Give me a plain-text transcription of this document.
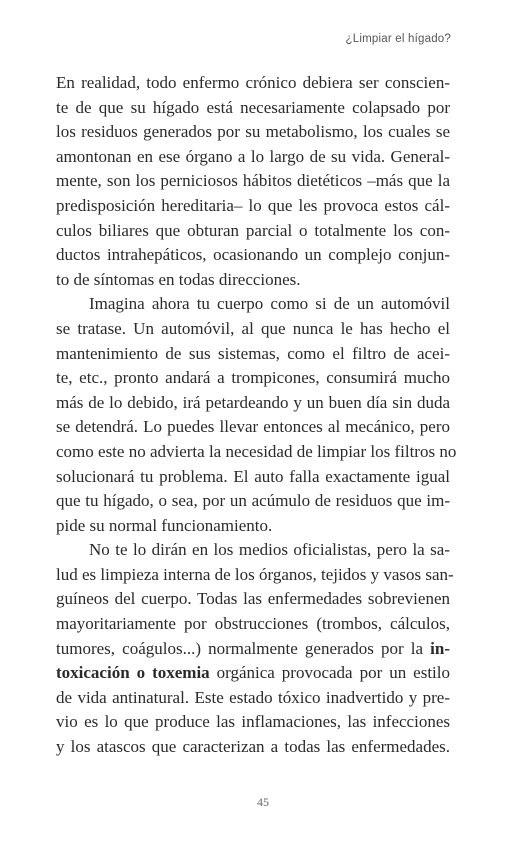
¿Limpiar el hígado?
En realidad, todo enfermo crónico debiera ser conscien-
te de que su hígado está necesariamente colapsado por
los residuos generados por su metabolismo, los cuales se
amontonan en ese órgano a lo largo de su vida. General-
mente, son los perniciosos hábitos dietéticos –más que la
predisposición hereditaria– lo que les provoca estos cál-
culos biliares que obturan parcial o totalmente los con-
ductos intrahepáticos, ocasionando un complejo conjun-
to de síntomas en todas direcciones.
Imagina ahora tu cuerpo como si de un automóvil
se tratase. Un automóvil, al que nunca le has hecho el
mantenimiento de sus sistemas, como el filtro de acei-
te, etc., pronto andará a trompicones, consumirá mucho
más de lo debido, irá petardeando y un buen día sin duda
se detendrá. Lo puedes llevar entonces al mecánico, pero
como este no advierta la necesidad de limpiar los filtros no
solucionará tu problema. El auto falla exactamente igual
que tu hígado, o sea, por un acúmulo de residuos que im-
pide su normal funcionamiento.
No te lo dirán en los medios oficialistas, pero la sa-
lud es limpieza interna de los órganos, tejidos y vasos san-
guíneos del cuerpo. Todas las enfermedades sobrevienen
mayoritariamente por obstrucciones (trombos, cálculos,
tumores, coágulos...) normalmente generados por la in-
toxicación o toxemia orgánica provocada por un estilo
de vida antinatural. Este estado tóxico inadvertido y pre-
vio es lo que produce las inflamaciones, las infecciones
y los atascos que caracterizan a todas las enfermedades.
45
